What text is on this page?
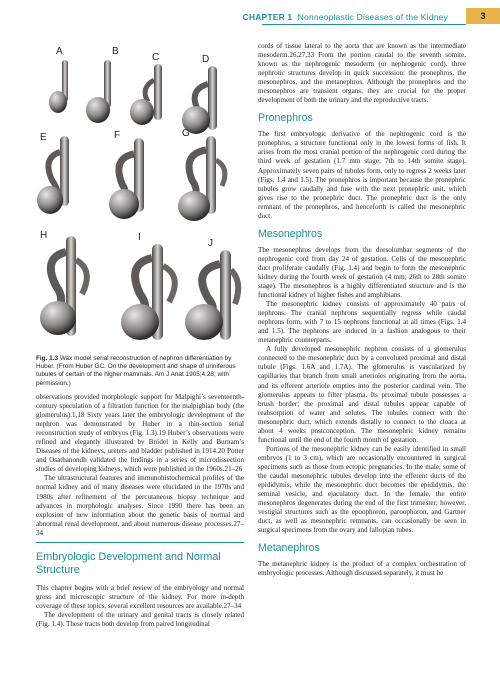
CHAPTER 1 Nonneoplastic Diseases of the Kidney	3
A	B
C	D
E	F	G
H	I
J
Fig. 1.3 Wax model serial reconstruction of nephron differentiation by Huber. (From Huber GC. On the development and shape of uriniferous tubules of certain of the higher mammals. Am J Anat 1905;4:28; with permission.)

observations provided morphologic support for Malpighi’s seventeenth-century speculation of a filtration function for the malpighian body (the glomerulus).1,18 Sixty years later the embryologic development of the nephron was demonstrated by Huber in a thin-section serial reconstruction study of embryos (Fig. 1.3).19 Huber’s observations were refined and elegantly illustrated by Brödel in Kelly and Burnam’s Diseases of the kidneys, ureters and bladder published in 1914.20 Potter and Osathanondh validated the findings in a series of microdissection studies of developing kidneys, which were published in the 1960s.21–26

The ultrastructural features and immunohistochemical profiles of the normal kidney and of many diseases were elucidated in the 1970s and 1980s after refinement of the percutaneous biopsy technique and advances in morphologic analyses. Since 1990 there has been an explosion of new information about the genetic basis of normal and abnormal renal development, and about numerous disease processes.27–34

Embryologic Development and Normal Structure

This chapter begins with a brief review of the embryology and normal gross and microscopic structure of the kidney. For more in-depth coverage of these topics, several excellent resources are available.27–34

The development of the urinary and genital tracts is closely related (Fig. 1.4). These tracts both develop from paired longitudinal

cords of tissue lateral to the aorta that are known as the intermediate mesoderm.26,27,33 From the portion caudal to the seventh somite, known as the nephrogenic mesoderm (or nephrogenic cord), three nephrotic structures develop in quick succession: the pronephros, the mesonephros, and the metanephros. Although the pronephros and the mesonephros are transient organs, they are crucial for the proper development of both the urinary and the reproductive tracts.

Pronephros

The first embryologic derivative of the nephrogenic cord is the pronephros, a structure functional only in the lowest forms of fish. It arises from the most cranial portion of the nephrogenic cord during the third week of gestation (1.7 mm stage; 7th to 14th somite stage). Approximately seven pairs of tubules form, only to regress 2 weeks later (Figs. 1.4 and 1.5). The pronephros is important because the pronephric tubules grow caudally and fuse with the next pronephric unit, which gives rise to the pronephric duct. The pronephric duct is the only remnant of the pronephros, and henceforth is called the mesonephric duct.

Mesonephros

The mesonephros develops from the dorsolumbar segments of the nephrogenic cord from day 24 of gestation. Cells of the mesonephric duct proliferate caudally (Fig. 1.4) and begin to form the mesonephric kidney during the fourth week of gestation (4 mm; 26th to 28th somite stage). The mesonephros is a highly differentiated structure and is the functional kidney of higher fishes and amphibians.

The mesonephric kidney consists of approximately 40 pairs of nephrons. The cranial nephrons sequentially regress while caudal nephrons form, with 7 to 15 nephrons functional at all times (Figs. 1.4 and 1.5). The nephrons are induced in a fashion analogous to their metanephric counterparts.

A fully developed mesonephric nephron consists of a glomerulus connected to the mesonephric duct by a convoluted proximal and distal tubule (Figs. 1.6A and 1.7A). The glomerulus is vascularized by capillaries that branch from small arterioles originating from the aorta, and its efferent arteriole empties into the posterior cardinal vein. The glomerulus appears to filter plasma. Its proximal tubule possesses a brush border; the proximal and distal tubules appear capable of reabsorption of water and solutes. The tubules connect with the mesonephric duct, which extends distally to connect to the cloaca at about 4 weeks postconception. The mesonephric kidney remains functional until the end of the fourth month of gestation.

Portions of the mesonephric kidney can be easily identified in small embryos (1 to 3 cm), which are occasionally encountered in surgical specimens such as those from ectopic pregnancies. In the male, some of the caudal mesonephric tubules develop into the efferent ducts of the epididymis, while the mesonephric duct becomes the epididymis, the seminal vesicle, and ejaculatory duct. In the female, the entire mesonephros degenerates during the end of the first trimester; however, vestigial structures such as the epoophoron, paroophoron, and Gartner duct, as well as mesonephric remnants, can occasionally be seen in surgical specimens from the ovary and fallopian tubes.

Metanephros

The metanephric kidney is the product of a complex orchestration of embryologic processes. Although discussed separately, it must be
